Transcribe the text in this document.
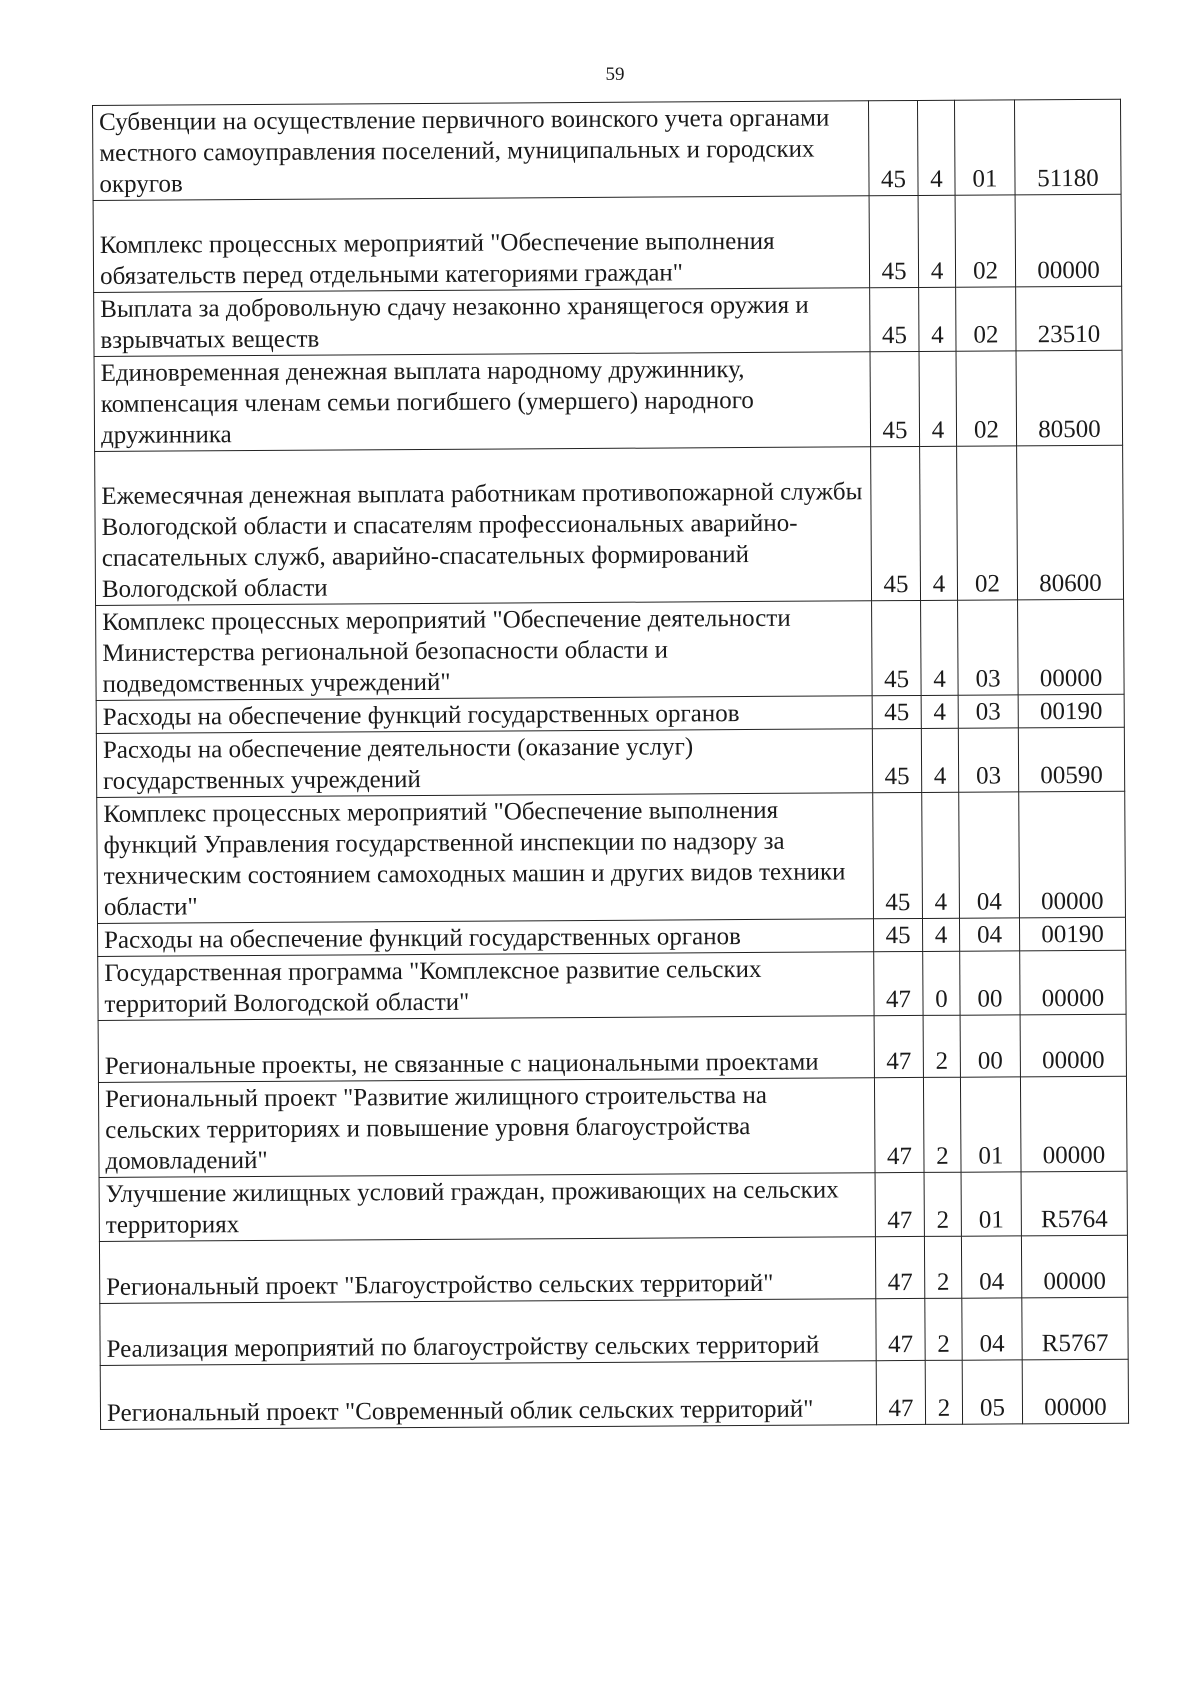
59
Субвенции на осуществление первичного воинского учета органами местного самоуправления поселений, муниципальных и городских округов	45	4	01	51180
Комплекс процессных мероприятий "Обеспечение выполнения обязательств перед отдельными категориями граждан"	45	4	02	00000
Выплата за добровольную сдачу незаконно хранящегося оружия и взрывчатых веществ	45	4	02	23510
Единовременная денежная выплата народному дружиннику, компенсация членам семьи погибшего (умершего) народного дружинника	45	4	02	80500
Ежемесячная денежная выплата работникам противопожарной службы Вологодской области и спасателям профессиональных аварийно-спасательных служб, аварийно-спасательных формирований Вологодской области	45	4	02	80600
Комплекс процессных мероприятий "Обеспечение деятельности Министерства региональной безопасности области и подведомственных учреждений"	45	4	03	00000
Расходы на обеспечение функций государственных органов	45	4	03	00190
Расходы на обеспечение деятельности (оказание услуг) государственных учреждений	45	4	03	00590
Комплекс процессных мероприятий "Обеспечение выполнения функций Управления государственной инспекции по надзору за техническим состоянием самоходных машин и других видов техники области"	45	4	04	00000
Расходы на обеспечение функций государственных органов	45	4	04	00190
Государственная программа "Комплексное развитие сельских территорий Вологодской области"	47	0	00	00000
Региональные проекты, не связанные с национальными проектами	47	2	00	00000
Региональный проект "Развитие жилищного строительства на сельских территориях и повышение уровня благоустройства домовладений"	47	2	01	00000
Улучшение жилищных условий граждан, проживающих на сельских территориях	47	2	01	R5764
Региональный проект "Благоустройство сельских территорий"	47	2	04	00000
Реализация мероприятий по благоустройству сельских территорий	47	2	04	R5767
Региональный проект "Современный облик сельских территорий"	47	2	05	00000
